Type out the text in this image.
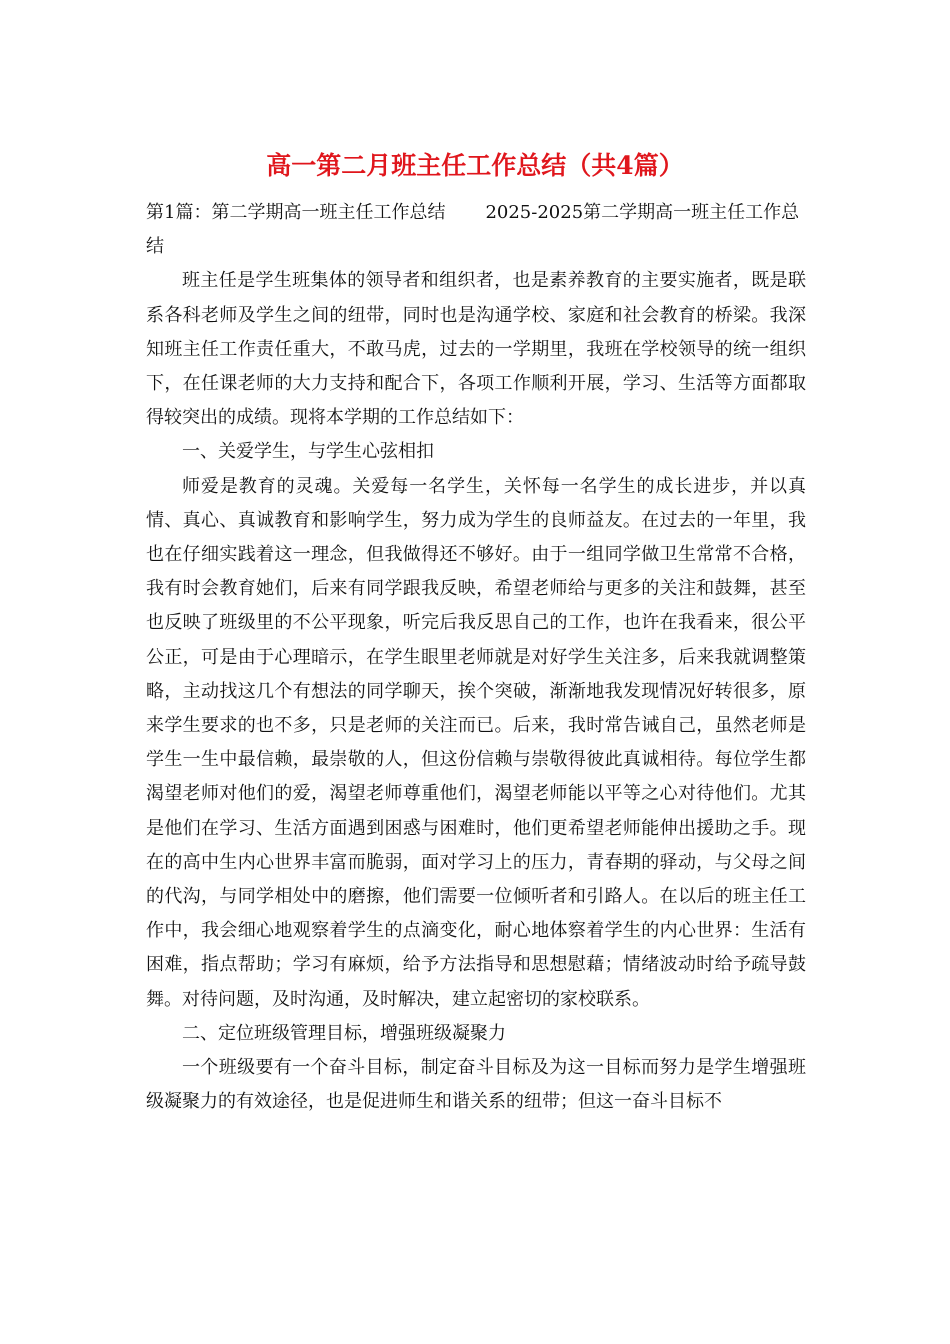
高一第二月班主任工作总结（共4篇）

第1篇：第二学期高一班主任工作总结 2025-2025第二学期高一班主任工作总结

班主任是学生班集体的领导者和组织者，也是素养教育的主要实施者，既是联系各科老师及学生之间的纽带，同时也是沟通学校、家庭和社会教育的桥梁。我深知班主任工作责任重大，不敢马虎，过去的一学期里，我班在学校领导的统一组织下，在任课老师的大力支持和配合下，各项工作顺利开展，学习、生活等方面都取得较突出的成绩。现将本学期的工作总结如下：

一、关爱学生，与学生心弦相扣

师爱是教育的灵魂。关爱每一名学生，关怀每一名学生的成长进步，并以真情、真心、真诚教育和影响学生，努力成为学生的良师益友。在过去的一年里，我也在仔细实践着这一理念，但我做得还不够好。由于一组同学做卫生常常不合格，我有时会教育她们，后来有同学跟我反映，希望老师给与更多的关注和鼓舞，甚至也反映了班级里的不公平现象，听完后我反思自己的工作，也许在我看来，很公平公正，可是由于心理暗示，在学生眼里老师就是对好学生关注多，后来我就调整策略，主动找这几个有想法的同学聊天，挨个突破，渐渐地我发现情况好转很多，原来学生要求的也不多，只是老师的关注而已。后来，我时常告诫自己，虽然老师是学生一生中最信赖，最崇敬的人，但这份信赖与崇敬得彼此真诚相待。每位学生都渴望老师对他们的爱，渴望老师尊重他们，渴望老师能以平等之心对待他们。尤其是他们在学习、生活方面遇到困惑与困难时，他们更希望老师能伸出援助之手。现在的高中生内心世界丰富而脆弱，面对学习上的压力，青春期的驿动，与父母之间的代沟，与同学相处中的磨擦，他们需要一位倾听者和引路人。在以后的班主任工作中，我会细心地观察着学生的点滴变化，耐心地体察着学生的内心世界：生活有困难，指点帮助；学习有麻烦，给予方法指导和思想慰藉；情绪波动时给予疏导鼓舞。对待问题，及时沟通，及时解决，建立起密切的家校联系。

二、定位班级管理目标，增强班级凝聚力

一个班级要有一个奋斗目标，制定奋斗目标及为这一目标而努力是学生增强班级凝聚力的有效途径，也是促进师生和谐关系的纽带；但这一奋斗目标不
